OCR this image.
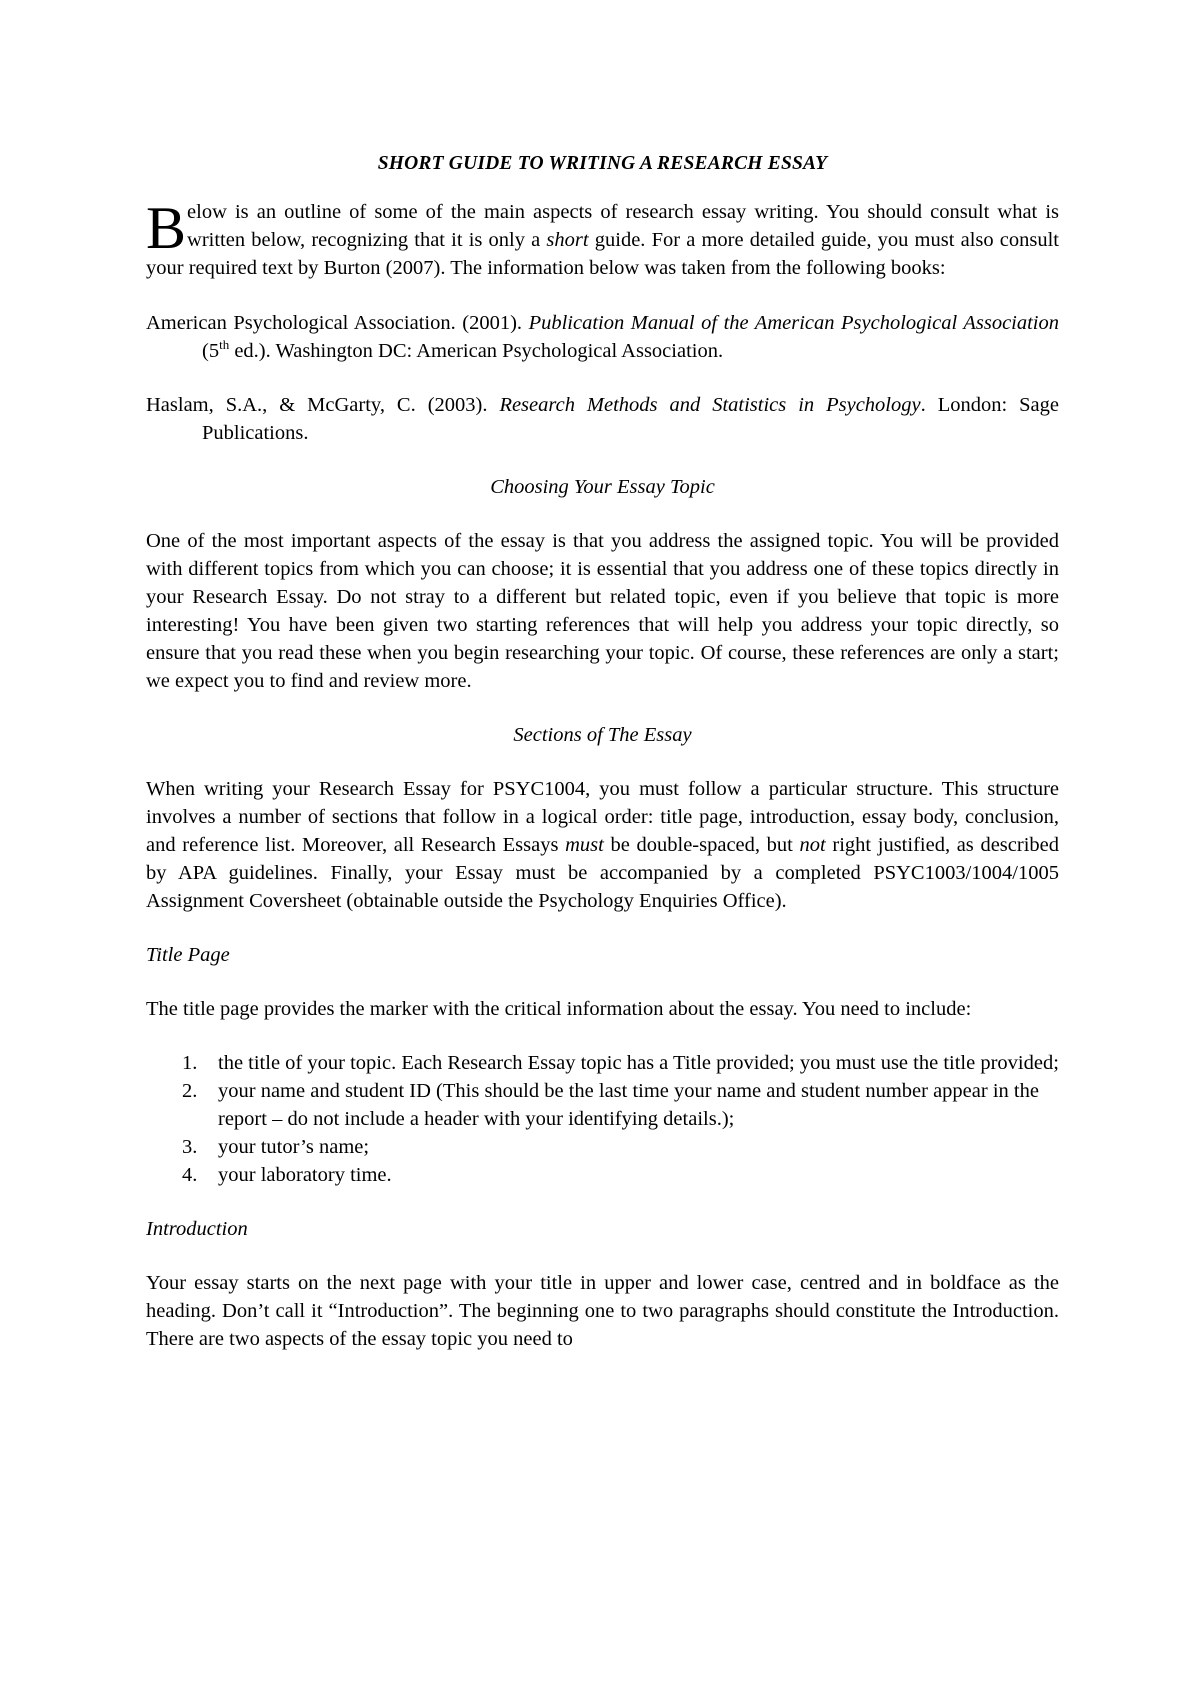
SHORT GUIDE TO WRITING A RESEARCH ESSAY

Below is an outline of some of the main aspects of research essay writing. You should consult what is written below, recognizing that it is only a short guide. For a more detailed guide, you must also consult your required text by Burton (2007). The information below was taken from the following books:

American Psychological Association. (2001). Publication Manual of the American Psychological Association (5th ed.). Washington DC: American Psychological Association.

Haslam, S.A., & McGarty, C. (2003). Research Methods and Statistics in Psychology. London: Sage Publications.

Choosing Your Essay Topic

One of the most important aspects of the essay is that you address the assigned topic. You will be provided with different topics from which you can choose; it is essential that you address one of these topics directly in your Research Essay. Do not stray to a different but related topic, even if you believe that topic is more interesting! You have been given two starting references that will help you address your topic directly, so ensure that you read these when you begin researching your topic. Of course, these references are only a start; we expect you to find and review more.

Sections of The Essay

When writing your Research Essay for PSYC1004, you must follow a particular structure. This structure involves a number of sections that follow in a logical order: title page, introduction, essay body, conclusion, and reference list. Moreover, all Research Essays must be double-spaced, but not right justified, as described by APA guidelines. Finally, your Essay must be accompanied by a completed PSYC1003/1004/1005 Assignment Coversheet (obtainable outside the Psychology Enquiries Office).

Title Page

The title page provides the marker with the critical information about the essay. You need to include:

1. the title of your topic. Each Research Essay topic has a Title provided; you must use the title provided;
2. your name and student ID (This should be the last time your name and student number appear in the report – do not include a header with your identifying details.);
3. your tutor’s name;
4. your laboratory time.

Introduction

Your essay starts on the next page with your title in upper and lower case, centred and in boldface as the heading. Don’t call it “Introduction”. The beginning one to two paragraphs should constitute the Introduction. There are two aspects of the essay topic you need to
